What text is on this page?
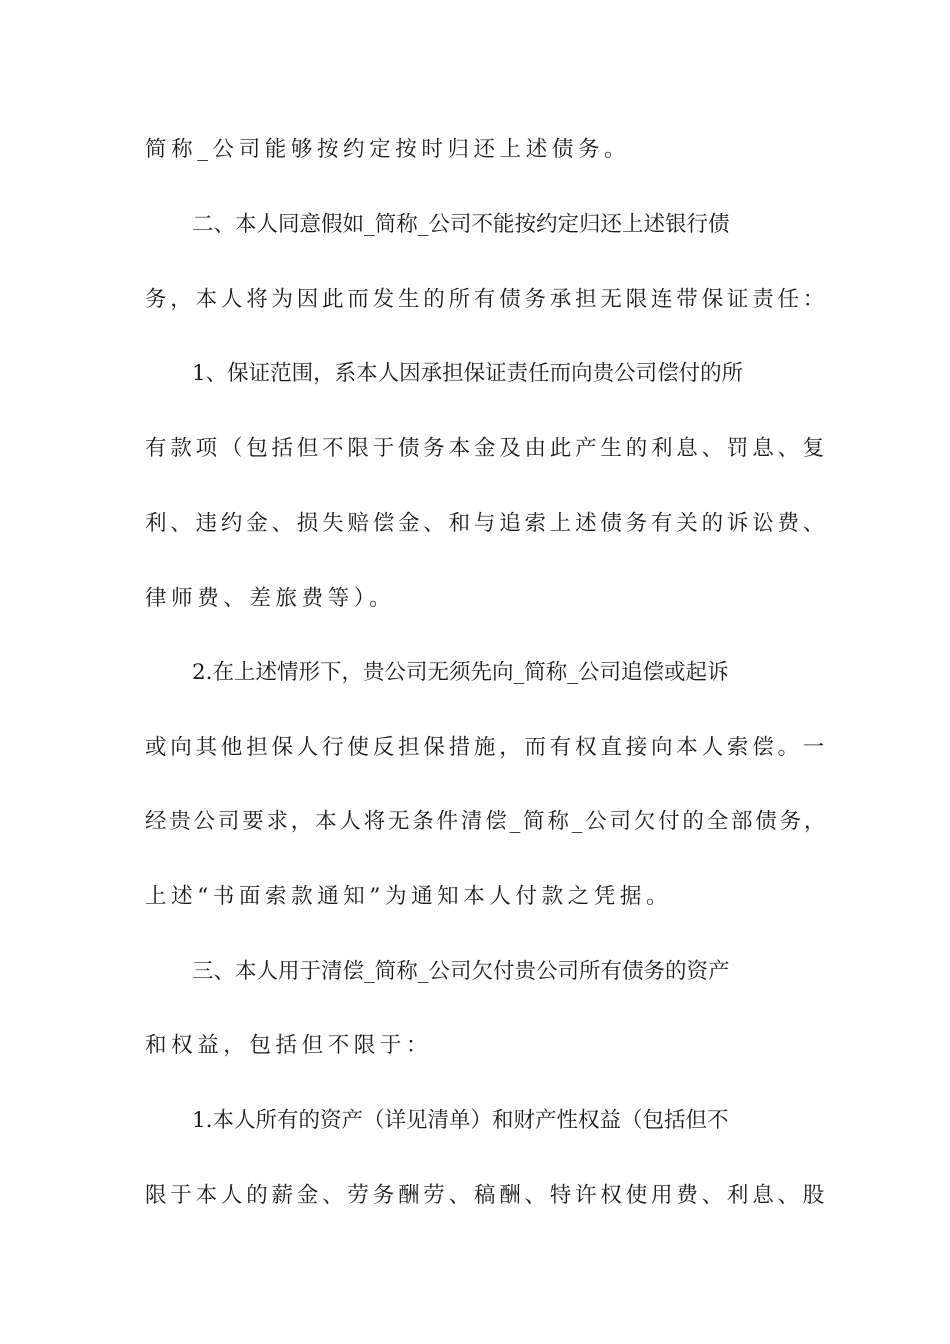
简称_公司能够按约定按时归还上述债务。
二、本人同意假如_简称_公司不能按约定归还上述银行债
务，本人将为因此而发生的所有债务承担无限连带保证责任：
1、保证范围，系本人因承担保证责任而向贵公司偿付的所
有款项（包括但不限于债务本金及由此产生的利息、罚息、复
利、违约金、损失赔偿金、和与追索上述债务有关的诉讼费、
律师费、差旅费等）。
2.在上述情形下，贵公司无须先向_简称_公司追偿或起诉
或向其他担保人行使反担保措施，而有权直接向本人索偿。一
经贵公司要求，本人将无条件清偿_简称_公司欠付的全部债务，
上述“书面索款通知”为通知本人付款之凭据。
三、本人用于清偿_简称_公司欠付贵公司所有债务的资产
和权益，包括但不限于：
1.本人所有的资产（详见清单）和财产性权益（包括但不
限于本人的薪金、劳务酬劳、稿酬、特许权使用费、利息、股
